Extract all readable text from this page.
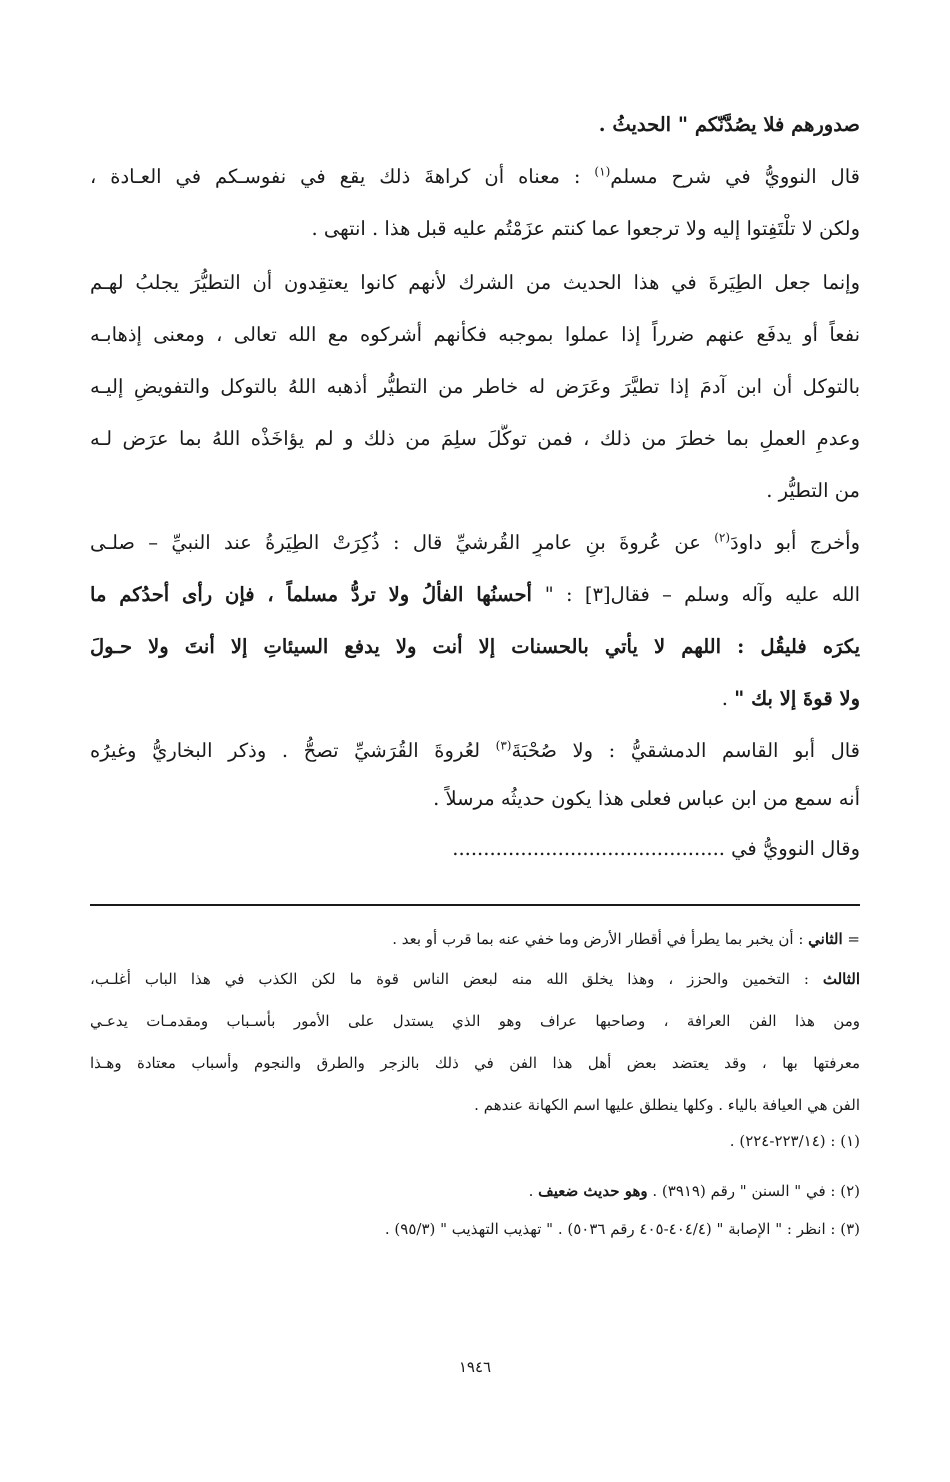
صدورهم فلا يصُدَّنّكم " الحديثُ .
قال النوويُّ في شرح مسلم$^{(١)}$ : معناه أن كراهةَ ذلك يقع في نفوسـكم في العـادة ،
ولكن لا تلْتَفِتوا إليه ولا ترجعوا عما كنتم عزَمْتُم عليه قبل هذا . انتهى .
وإنما جعل الطِيَرةَ في هذا الحديث من الشرك لأنهم كانوا يعتقِدون أن التطيُّرَ يجلبُ لهـم
نفعاً أو يدفَع عنهم ضرراً إذا عملوا بموجبه فكأنهم أشركوه مع الله تعالى ، ومعنى إذهابـه
بالتوكل أن ابن آدمَ إذا تطيَّرَ وعَرَض له خاطر من التطيُّر أذهبه اللهُ بالتوكل والتفويضِ إليـه
وعدمِ العملِ بما خطرَ من ذلك ، فمن توكَّلَ سلِمَ من ذلك و لم يؤاخَذْه اللهُ بما عرَض لـه
من التطيُّر .
وأخرج أبو داودَ$^{(٢)}$ عن عُروةَ بنِ عامرٍ القُرشيِّ قال : ذُكِرَتْ الطِيَرةُ عند النبيِّ – صلـى
الله عليه وآله وسلم – فقال[٣] : " أحسنُها الفألُ ولا تردُّ مسلماً ، فإن رأى أحدُكم ما
يكرَه فليقُل : اللهم لا يأتي بالحسنات إلا أنت ولا يدفع السيئاتِ إلا أنتَ ولا حـولَ
ولا قوةَ إلا بك " .
قال أبو القاسم الدمشقيُّ : ولا صُحْبَةَ$^{(٣)}$ لعُروةَ القُرَشيِّ تصحُّ . وذكر البخاريُّ وغيرُه
أنه سمع من ابن عباس فعلى هذا يكون حديثُه مرسلاً .
وقال النوويُّ في ............................................
= الثاني : أن يخبر بما يطرأ في أقطار الأرض وما خفي عنه بما قرب أو بعد .
الثالث : التخمين والحزز ، وهذا يخلق الله منه لبعض الناس قوة ما لكن الكذب في هذا الباب أغلـب،
ومن هذا الفن العرافة ، وصاحبها عراف وهو الذي يستدل على الأمور بأسـباب ومقدمـات يدعـي
معرفتها بها ، وقد يعتضد بعض أهل هذا الفن في ذلك بالزجر والطرق والنجوم وأسباب معتادة وهـذا
الفن هي العيافة بالياء . وكلها ينطلق عليها اسم الكهانة عندهم .
(١) : (٢٢٣/١٤-٢٢٤) .
(٢) : في " السنن " رقم (٣٩١٩) . وهو حديث ضعيف .
(٣) : انظر : " الإصابة " (٤٠٤/٤-٤٠٥ رقم ٥٠٣٦) . " تهذيب التهذيب " (٩٥/٣) .
١٩٤٦
